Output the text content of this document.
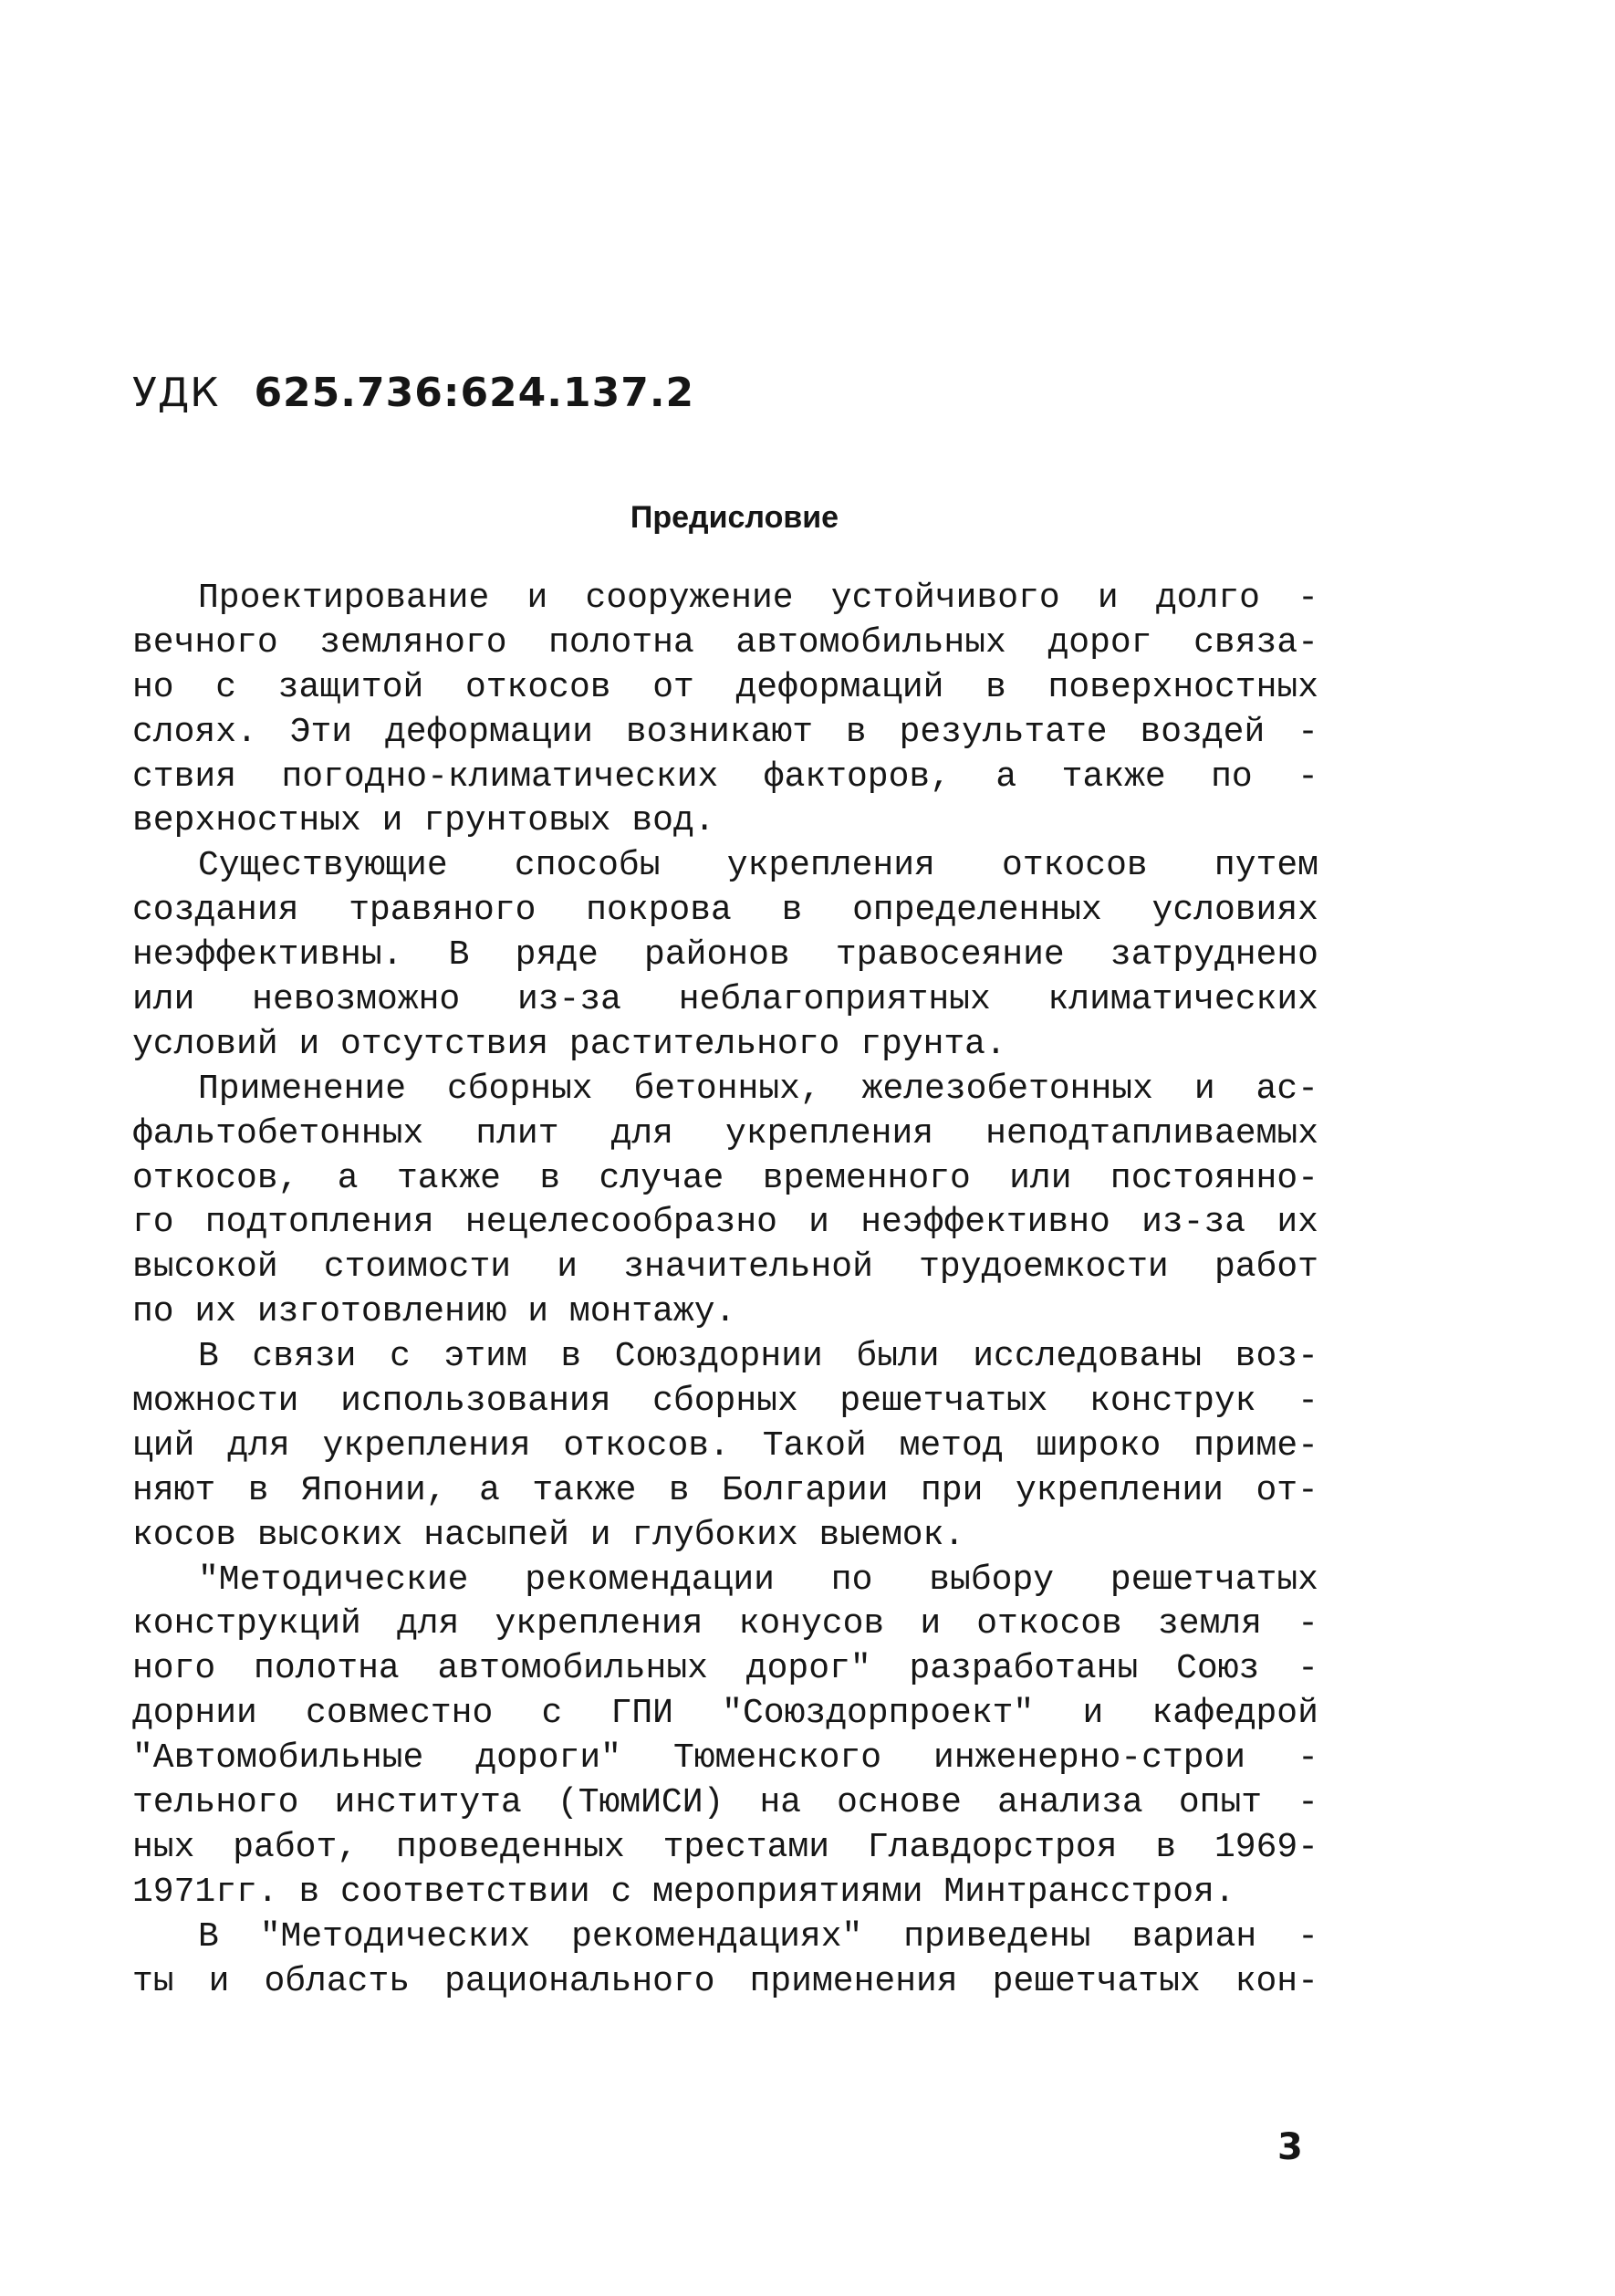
УДК 625.736:624.137.2

Предисловие
Проектирование и сооружение устойчивого и долго -
вечного земляного полотна автомобильных дорог связа-
но с защитой откосов от деформаций в поверхностных
слоях. Эти деформации возникают в результате воздей -
ствия погодно-климатических факторов, а также по -
верхностных и грунтовых вод.
Существующие способы укрепления откосов путем
создания травяного покрова в определенных условиях
неэффективны. В ряде районов травосеяние затруднено
или невозможно из-за неблагоприятных климатических
условий и отсутствия растительного грунта.
Применение сборных бетонных, железобетонных и ас-
фальтобетонных плит для укрепления неподтапливаемых
откосов, а также в случае временного или постоянно-
го подтопления нецелесообразно и неэффективно из-за их
высокой стоимости и значительной трудоемкости работ
по их изготовлению и монтажу.
В связи с этим в Союздорнии были исследованы воз-
можности использования сборных решетчатых конструк -
ций для укрепления откосов. Такой метод широко приме-
няют в Японии, а также в Болгарии при укреплении от-
косов высоких насыпей и глубоких выемок.
"Методические рекомендации по выбору решетчатых
конструкций для укрепления конусов и откосов земля -
ного полотна автомобильных дорог" разработаны Союз -
дорнии совместно с ГПИ "Союздорпроект" и кафедрой
"Автомобильные дороги" Тюменского инженерно-строи -
тельного института (ТюмИСИ) на основе анализа опыт -
ных работ, проведенных трестами Главдорстроя в 1969-
1971гг. в соответствии с мероприятиями Минтрансстроя.
В "Методических рекомендациях" приведены вариан -
ты и область рационального применения решетчатых кон-

3
